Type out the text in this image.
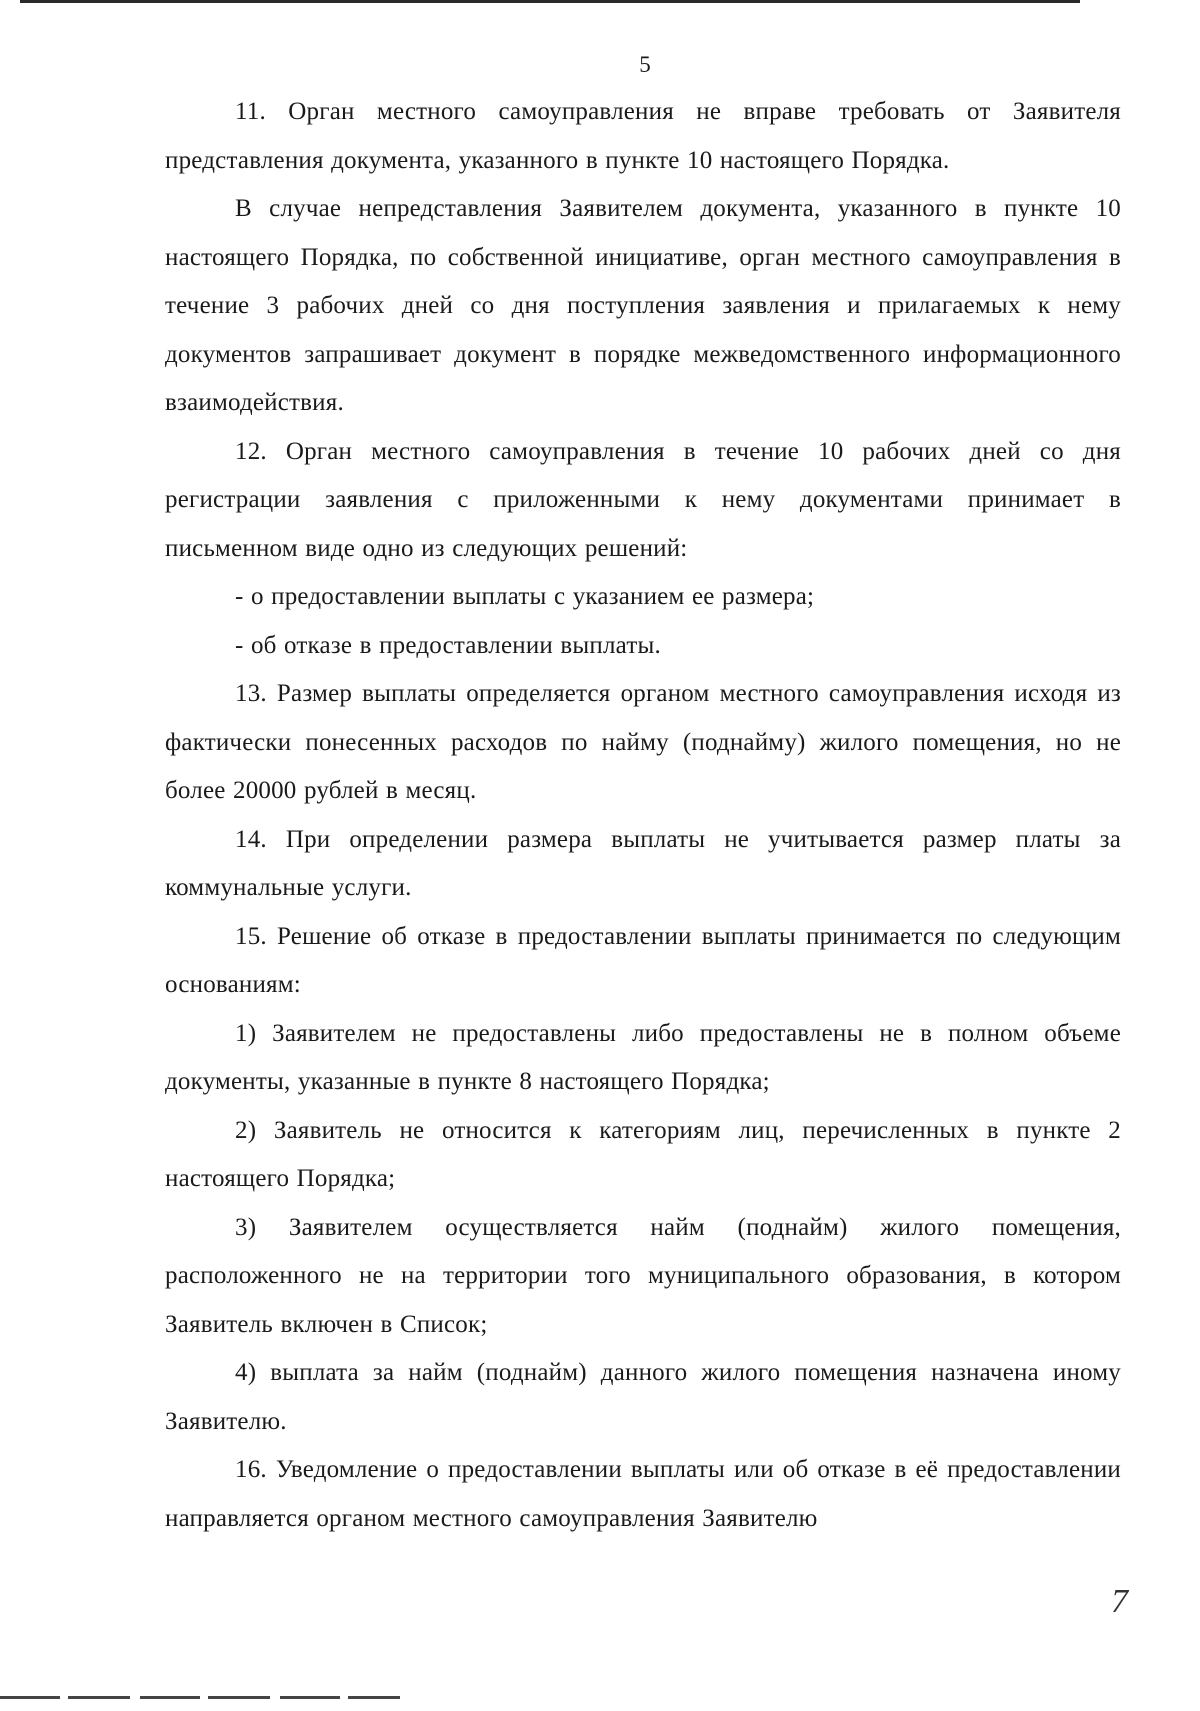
5

11. Орган местного самоуправления не вправе требовать от Заявителя представления документа, указанного в пункте 10 настоящего Порядка.

В случае непредставления Заявителем документа, указанного в пункте 10 настоящего Порядка, по собственной инициативе, орган местного самоуправления в течение 3 рабочих дней со дня поступления заявления и прилагаемых к нему документов запрашивает документ в порядке межведомственного информационного взаимодействия.

12. Орган местного самоуправления в течение 10 рабочих дней со дня регистрации заявления с приложенными к нему документами принимает в письменном виде одно из следующих решений:

- о предоставлении выплаты с указанием ее размера;

- об отказе в предоставлении выплаты.

13. Размер выплаты определяется органом местного самоуправления исходя из фактически понесенных расходов по найму (поднайму) жилого помещения, но не более 20000 рублей в месяц.

14. При определении размера выплаты не учитывается размер платы за коммунальные услуги.

15. Решение об отказе в предоставлении выплаты принимается по следующим основаниям:

1) Заявителем не предоставлены либо предоставлены не в полном объеме документы, указанные в пункте 8 настоящего Порядка;

2) Заявитель не относится к категориям лиц, перечисленных в пункте 2 настоящего Порядка;

3) Заявителем осуществляется найм (поднайм) жилого помещения, расположенного не на территории того муниципального образования, в котором Заявитель включен в Список;

4) выплата за найм (поднайм) данного жилого помещения назначена иному Заявителю.

16. Уведомление о предоставлении выплаты или об отказе в её предоставлении направляется органом местного самоуправления Заявителю

7
